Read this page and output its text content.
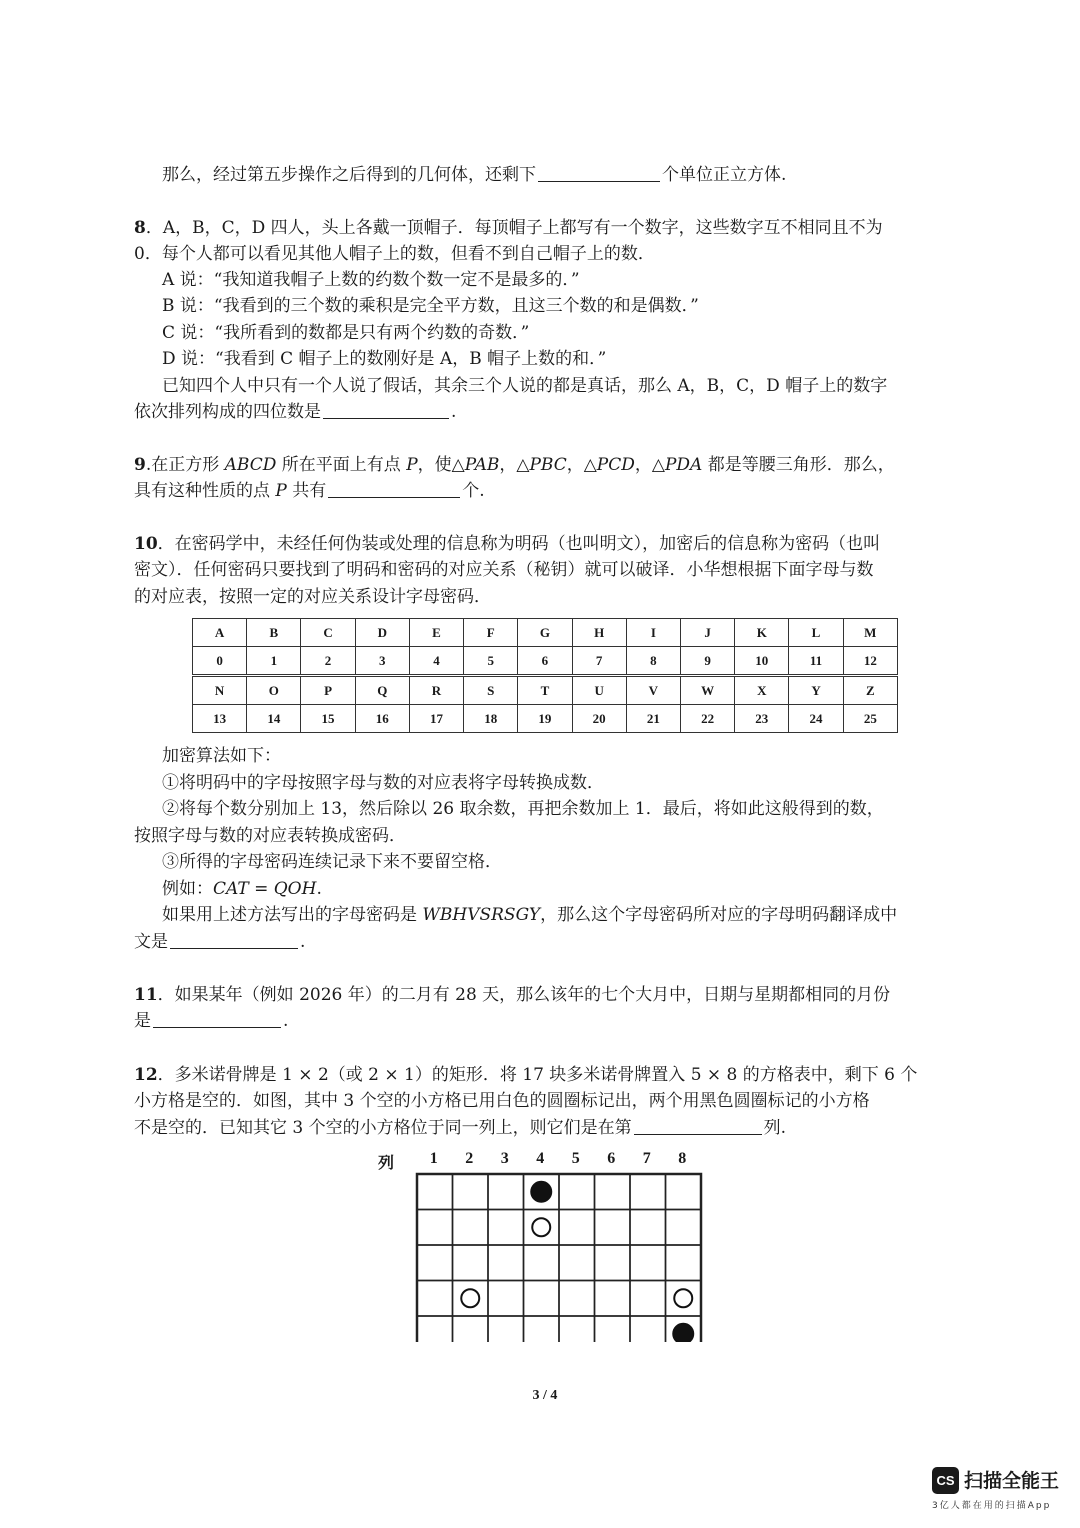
那么，经过第五步操作之后得到的几何体，还剩下	个单位正立方体.
8．A，B，C，D 四人，头上各戴一顶帽子．每顶帽子上都写有一个数字，这些数字互不相同且不为
0．每个人都可以看见其他人帽子上的数，但看不到自己帽子上的数．
A 说：“我知道我帽子上数的约数个数一定不是最多的．”
B 说：“我看到的三个数的乘积是完全平方数，且这三个数的和是偶数．”
C 说：“我所看到的数都是只有两个约数的奇数．”
D 说：“我看到 C 帽子上的数刚好是 A，B 帽子上数的和．”
已知四个人中只有一个人说了假话，其余三个人说的都是真话，那么 A，B，C，D 帽子上的数字
依次排列构成的四位数是	.
9.在正方形 ABCD 所在平面上有点 P，使△PAB，△PBC，△PCD，△PDA 都是等腰三角形．那么，
具有这种性质的点 P 共有	个.
10．在密码学中，未经任何伪装或处理的信息称为明码（也叫明文），加密后的信息称为密码（也叫
密文）．任何密码只要找到了明码和密码的对应关系（秘钥）就可以破译．小华想根据下面字母与数
的对应表，按照一定的对应关系设计字母密码．
A	B	C	D	E	F	G	H	I	J	K	L	M
0	1	2	3	4	5	6	7	8	9	10	11	12
N	O	P	Q	R	S	T	U	V	W	X	Y	Z
13	14	15	16	17	18	19	20	21	22	23	24	25
加密算法如下：
①将明码中的字母按照字母与数的对应表将字母转换成数．
②将每个数分别加上 13，然后除以 26 取余数，再把余数加上 1．最后，将如此这般得到的数，
按照字母与数的对应表转换成密码．
③所得的字母密码连续记录下来不要留空格．
例如：CAT = QOH.
如果用上述方法写出的字母密码是 WBHVSRSGY，那么这个字母密码所对应的字母明码翻译成中
文是	.
11．如果某年（例如 2026 年）的二月有 28 天，那么该年的七个大月中，日期与星期都相同的月份
是	.
12．多米诺骨牌是 1 × 2（或 2 × 1）的矩形．将 17 块多米诺骨牌置入 5 × 8 的方格表中，剩下 6 个
小方格是空的．如图，其中 3 个空的小方格已用白色的圆圈标记出，两个用黑色圆圈标记的小方格
不是空的．已知其它 3 个空的小方格位于同一列上，则它们是在第	列.
列 1 2 3 4 5 6 7 8
3 / 4
CS 扫描全能王
3亿人都在用的扫描App
